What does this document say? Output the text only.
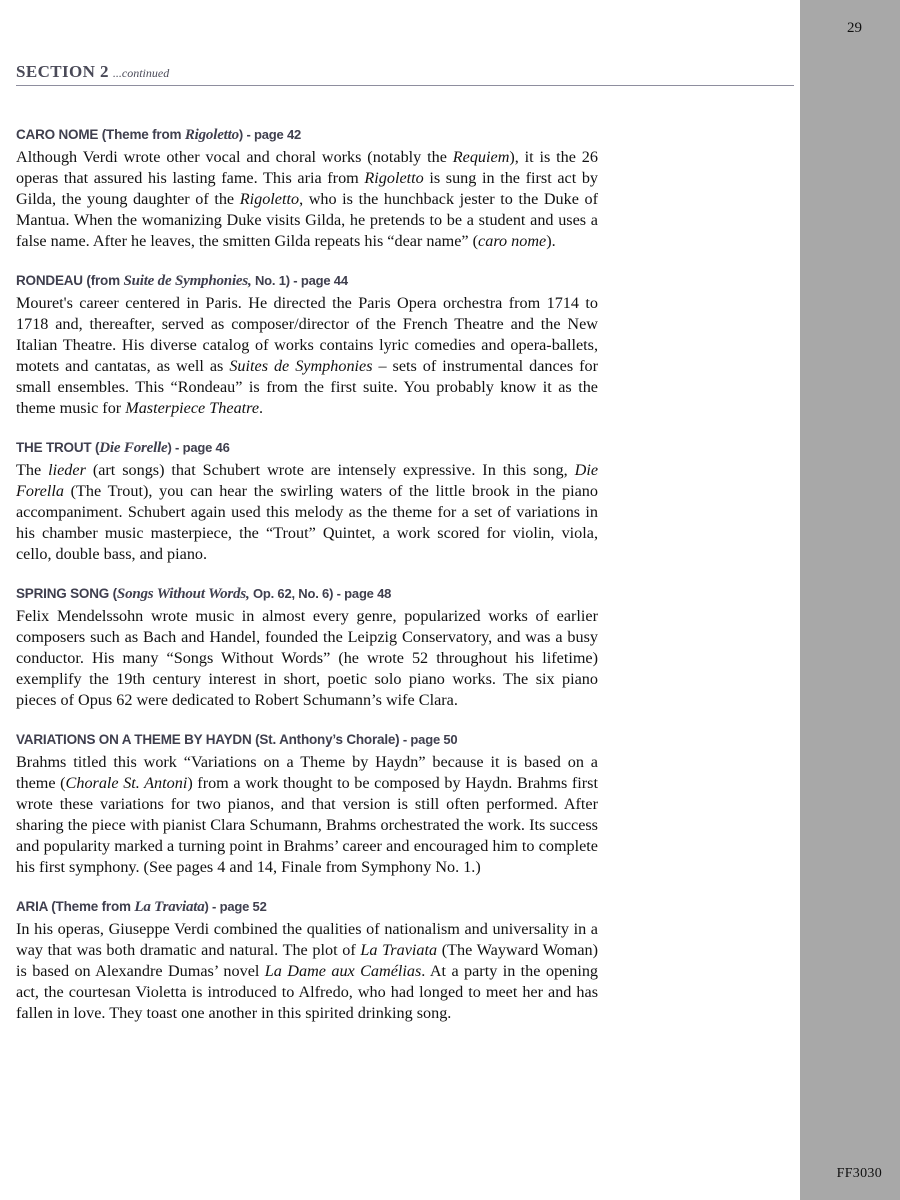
29
FF3030
SECTION 2 ...continued
CARO NOME (Theme from Rigoletto) - page 42
Although Verdi wrote other vocal and choral works (notably the Requiem), it is the 26 operas that assured his lasting fame. This aria from Rigoletto is sung in the first act by Gilda, the young daughter of the Rigoletto, who is the hunchback jester to the Duke of Mantua. When the womanizing Duke visits Gilda, he pretends to be a student and uses a false name. After he leaves, the smitten Gilda repeats his “dear name” (caro nome).
RONDEAU (from Suite de Symphonies, No. 1) - page 44
Mouret's career centered in Paris. He directed the Paris Opera orchestra from 1714 to 1718 and, thereafter, served as composer/director of the French Theatre and the New Italian Theatre. His diverse catalog of works contains lyric comedies and opera-ballets, motets and cantatas, as well as Suites de Symphonies – sets of instrumental dances for small ensembles. This “Rondeau” is from the first suite. You probably know it as the theme music for Masterpiece Theatre.
THE TROUT (Die Forelle) - page 46
The lieder (art songs) that Schubert wrote are intensely expressive. In this song, Die Forella (The Trout), you can hear the swirling waters of the little brook in the piano accompaniment. Schubert again used this melody as the theme for a set of variations in his chamber music masterpiece, the “Trout” Quintet, a work scored for violin, viola, cello, double bass, and piano.
SPRING SONG (Songs Without Words, Op. 62, No. 6) - page 48
Felix Mendelssohn wrote music in almost every genre, popularized works of earlier composers such as Bach and Handel, founded the Leipzig Conservatory, and was a busy conductor. His many “Songs Without Words” (he wrote 52 throughout his lifetime) exemplify the 19th century interest in short, poetic solo piano works. The six piano pieces of Opus 62 were dedicated to Robert Schumann’s wife Clara.
VARIATIONS ON A THEME BY HAYDN (St. Anthony’s Chorale) - page 50
Brahms titled this work “Variations on a Theme by Haydn” because it is based on a theme (Chorale St. Antoni) from a work thought to be composed by Haydn. Brahms first wrote these variations for two pianos, and that version is still often performed. After sharing the piece with pianist Clara Schumann, Brahms orchestrated the work. Its success and popularity marked a turning point in Brahms’ career and encouraged him to complete his first symphony. (See pages 4 and 14, Finale from Symphony No. 1.)
ARIA (Theme from La Traviata) - page 52
In his operas, Giuseppe Verdi combined the qualities of nationalism and universality in a way that was both dramatic and natural. The plot of La Traviata (The Wayward Woman) is based on Alexandre Dumas’ novel La Dame aux Camélias. At a party in the opening act, the courtesan Violetta is introduced to Alfredo, who had longed to meet her and has fallen in love. They toast one another in this spirited drinking song.
